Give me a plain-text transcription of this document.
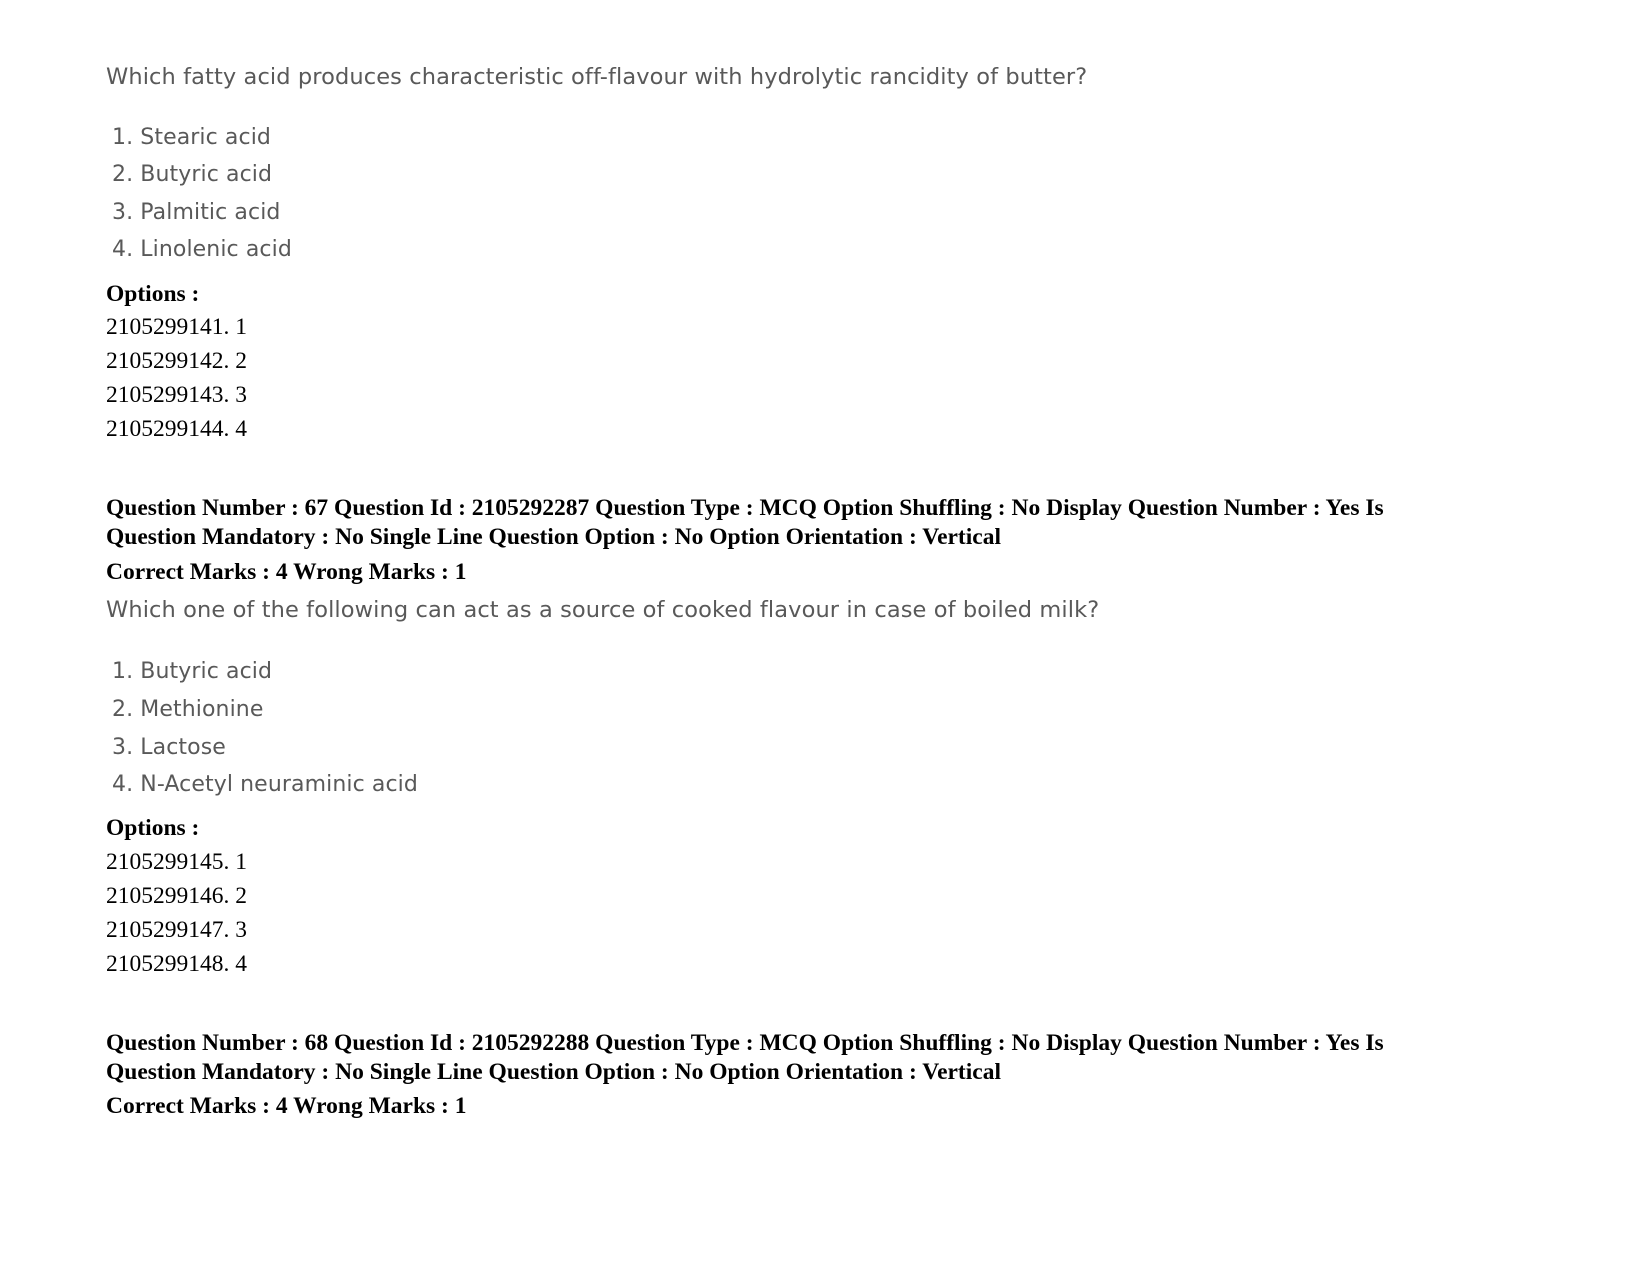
Which fatty acid produces characteristic off-flavour with hydrolytic rancidity of butter?
1. Stearic acid
2. Butyric acid
3. Palmitic acid
4. Linolenic acid
Options :
2105299141. 1
2105299142. 2
2105299143. 3
2105299144. 4
Question Number : 67 Question Id : 2105292287 Question Type : MCQ Option Shuffling : No Display Question Number : Yes Is
Question Mandatory : No Single Line Question Option : No Option Orientation : Vertical
Correct Marks : 4 Wrong Marks : 1
Which one of the following can act as a source of cooked flavour in case of boiled milk?
1. Butyric acid
2. Methionine
3. Lactose
4. N-Acetyl neuraminic acid
Options :
2105299145. 1
2105299146. 2
2105299147. 3
2105299148. 4
Question Number : 68 Question Id : 2105292288 Question Type : MCQ Option Shuffling : No Display Question Number : Yes Is
Question Mandatory : No Single Line Question Option : No Option Orientation : Vertical
Correct Marks : 4 Wrong Marks : 1
